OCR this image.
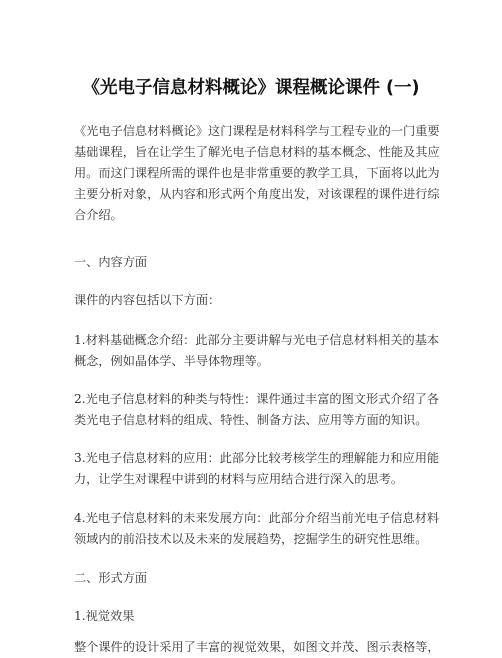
《光电子信息材料概论》课程概论课件 (一)
《光电子信息材料概论》这门课程是材料科学与工程专业的一门重要
基础课程，旨在让学生了解光电子信息材料的基本概念、性能及其应
用。而这门课程所需的课件也是非常重要的教学工具，下面将以此为
主要分析对象，从内容和形式两个角度出发，对该课程的课件进行综
合介绍。
一、内容方面
课件的内容包括以下方面：
1.材料基础概念介绍：此部分主要讲解与光电子信息材料相关的基本
概念，例如晶体学、半导体物理等。
2.光电子信息材料的种类与特性：课件通过丰富的图文形式介绍了各
类光电子信息材料的组成、特性、制备方法、应用等方面的知识。
3.光电子信息材料的应用：此部分比较考核学生的理解能力和应用能
力，让学生对课程中讲到的材料与应用结合进行深入的思考。
4.光电子信息材料的未来发展方向：此部分介绍当前光电子信息材料
领域内的前沿技术以及未来的发展趋势，挖掘学生的研究性思维。
二、形式方面
1.视觉效果
整个课件的设计采用了丰富的视觉效果，如图文并茂、图示表格等，
